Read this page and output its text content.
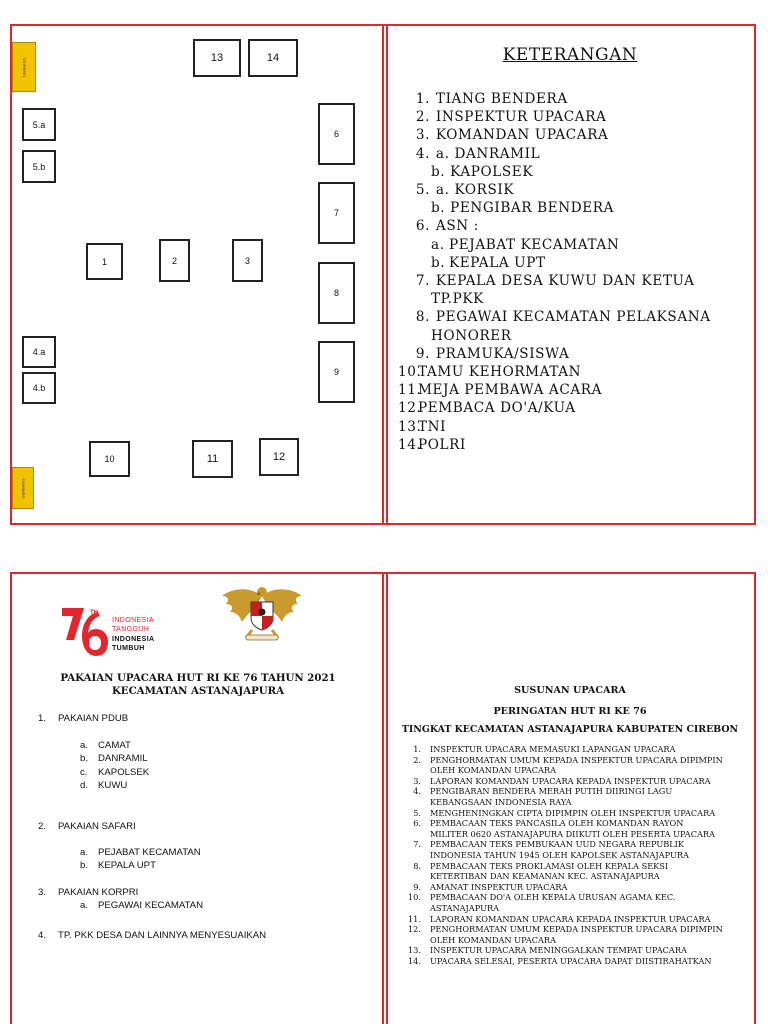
GERBANG
GERBANG
13	14
5.a
5.b
6
7
8
9
1	2	3
4.a
4.b
10	11	12
KETERANGAN
1. TIANG BENDERA
2. INSPEKTUR UPACARA
3. KOMANDAN UPACARA
4. a. DANRAMIL
b. KAPOLSEK
5. a. KORSIK
b. PENGIBAR BENDERA
6. ASN :
a. PEJABAT KECAMATAN
b. KEPALA UPT
7. KEPALA DESA KUWU DAN KETUA
TP.PKK
8. PEGAWAI KECAMATAN PELAKSANA
HONORER
9. PRAMUKA/SISWA
10.TAMU KEHORMATAN
11.MEJA PEMBAWA ACARA
12.PEMBACA DO'A/KUA
13.TNI
14.POLRI
TH
INDONESIA
TANGGUH
INDONESIA
TUMBUH
PAKAIAN UPACARA HUT RI KE 76 TAHUN 2021
KECAMATAN ASTANAJAPURA
1. PAKAIAN PDUB
a. CAMAT
b. DANRAMIL
c. KAPOLSEK
d. KUWU
2. PAKAIAN SAFARI
a. PEJABAT KECAMATAN
b. KEPALA UPT
3. PAKAIAN KORPRI
a. PEGAWAI KECAMATAN
4. TP. PKK DESA DAN LAINNYA MENYESUAIKAN
SUSUNAN UPACARA
PERINGATAN HUT RI KE 76
TINGKAT KECAMATAN ASTANAJAPURA KABUPATEN CIREBON
1.	INSPEKTUR UPACARA MEMASUKI LAPANGAN UPACARA
2.	PENGHORMATAN UMUM KEPADA INSPEKTUR UPACARA DIPIMPIN
OLEH KOMANDAN UPACARA
3.	LAPORAN KOMANDAN UPACARA KEPADA INSPEKTUR UPACARA
4.	PENGIBARAN BENDERA MERAH PUTIH DIIRINGI LAGU
KEBANGSAAN INDONESIA RAYA
5.	MENGHENINGKAN CIPTA DIPIMPIN OLEH INSPEKTUR UPACARA
6.	PEMBACAAN TEKS PANCASILA OLEH KOMANDAN RAYON
MILITER 0620 ASTANAJAPURA DIIKUTI OLEH PESERTA UPACARA
7.	PEMBACAAN TEKS PEMBUKAAN UUD NEGARA REPUBLIK
INDONESIA TAHUN 1945 OLEH KAPOLSEK ASTANAJAPURA
8.	PEMBACAAN TEKS PROKLAMASI OLEH KEPALA SEKSI
KETERTIBAN DAN KEAMANAN KEC. ASTANAJAPURA
9.	AMANAT INSPEKTUR UPACARA
10.	PEMBACAAN DO'A OLEH KEPALA URUSAN AGAMA KEC.
ASTANAJAPURA
11.	LAPORAN KOMANDAN UPACARA KEPADA INSPEKTUR UPACARA
12.	PENGHORMATAN UMUM KEPADA INSPEKTUR UPACARA DIPIMPIN
OLEH KOMANDAN UPACARA
13.	INSPEKTUR UPACARA MENINGGALKAN TEMPAT UPACARA
14.	UPACARA SELESAI, PESERTA UPACARA DAPAT DIISTIRAHATKAN
